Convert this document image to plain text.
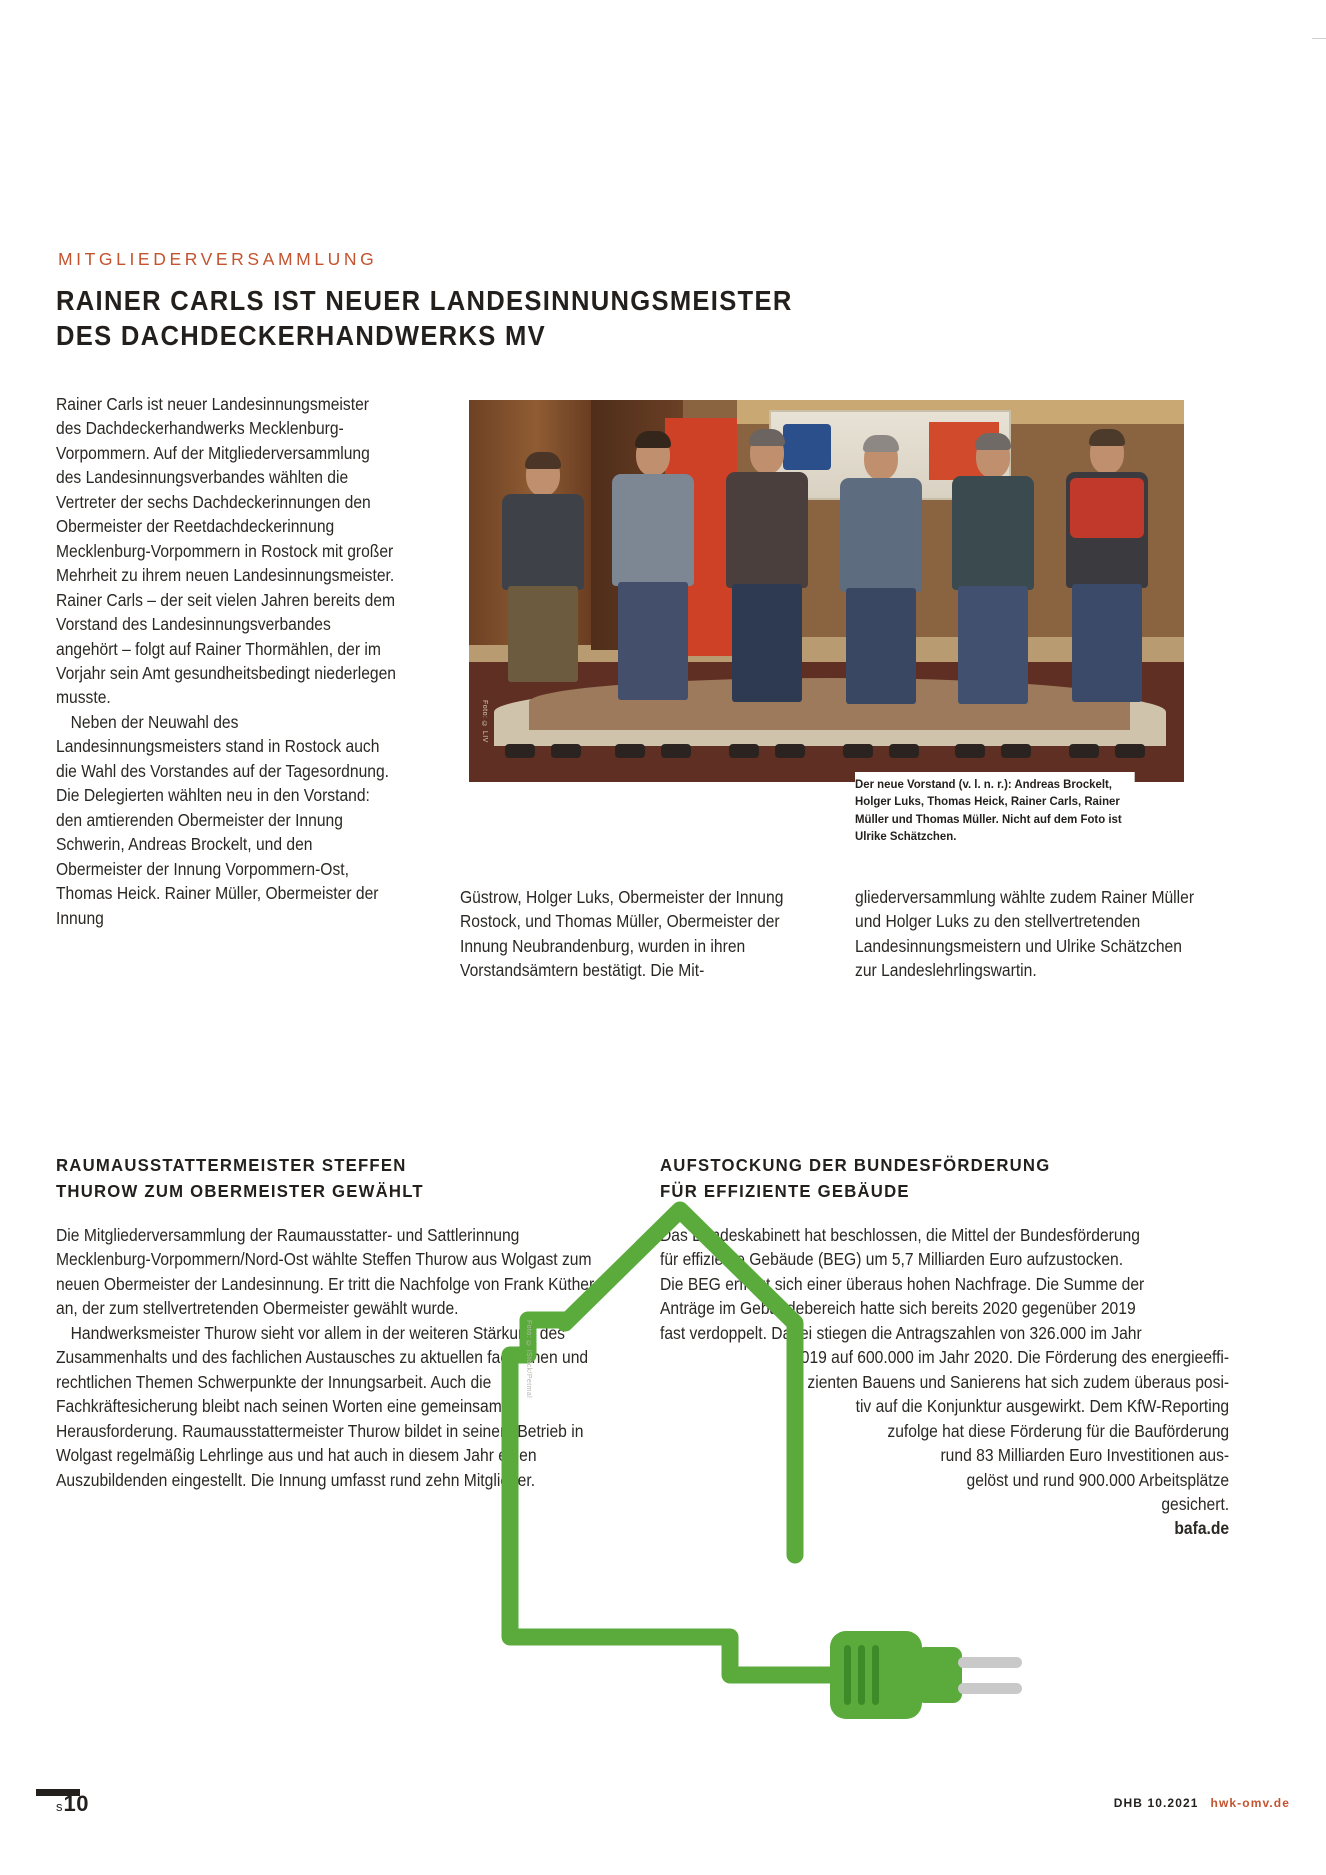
MITGLIEDERVERSAMMLUNG
RAINER CARLS IST NEUER LANDESINNUNGSMEISTER
DES DACHDECKERHANDWERKS MV

Rainer Carls ist neuer Landesinnungsmeister des Dachdeckerhandwerks Mecklenburg-Vorpommern. Auf der Mitgliederversammlung des Landesinnungsverbandes wählten die Vertreter der sechs Dachdeckerinnungen den Obermeister der Reetdachdeckerinnung Mecklenburg-Vorpommern in Rostock mit großer Mehrheit zu ihrem neuen Landesinnungsmeister. Rainer Carls – der seit vielen Jahren bereits dem Vorstand des Landesinnungsverbandes angehört – folgt auf Rainer Thormählen, der im Vorjahr sein Amt gesundheitsbedingt niederlegen musste.

Neben der Neuwahl des Landesinnungsmeisters stand in Rostock auch die Wahl des Vorstandes auf der Tagesordnung. Die Delegierten wählten neu in den Vorstand: den amtierenden Obermeister der Innung Schwerin, Andreas Brockelt, und den Obermeister der Innung Vorpommern-Ost, Thomas Heick. Rainer Müller, Obermeister der Innung

Foto: © LIV
Der neue Vorstand (v. l. n. r.): Andreas Brockelt, Holger Luks, Thomas Heick, Rainer Carls, Rainer Müller und Thomas Müller. Nicht auf dem Foto ist Ulrike Schätzchen.

Güstrow, Holger Luks, Obermeister der Innung Rostock, und Thomas Müller, Obermeister der Innung Neubrandenburg, wurden in ihren Vorstandsämtern bestätigt. Die Mit-

gliederversammlung wählte zudem Rainer Müller und Holger Luks zu den stellvertretenden Landesinnungsmeistern und Ulrike Schätzchen zur Landeslehrlingswartin.

RAUMAUSSTATTERMEISTER STEFFEN
THUROW ZUM OBERMEISTER GEWÄHLT

Die Mitgliederversammlung der Raumausstatter- und Sattlerinnung Mecklenburg-Vorpommern/Nord-Ost wählte Steffen Thurow aus Wolgast zum neuen Obermeister der Landesinnung. Er tritt die Nachfolge von Frank Küther an, der zum stellvertretenden Obermeister gewählt wurde.

Handwerksmeister Thurow sieht vor allem in der weiteren Stärkung des Zusammenhalts und des fachlichen Austausches zu aktuellen fachlichen und rechtlichen Themen Schwerpunkte der Innungsarbeit. Auch die Fachkräftesicherung bleibt nach seinen Worten eine gemeinsame Herausforderung. Raumausstattermeister Thurow bildet in seinem Betrieb in Wolgast regelmäßig Lehrlinge aus und hat auch in diesem Jahr einen Auszubildenden eingestellt. Die Innung umfasst rund zehn Mitglieder.

AUFSTOCKUNG DER BUNDESFÖRDERUNG
FÜR EFFIZIENTE GEBÄUDE
Das Bundeskabinett hat beschlossen, die Mittel der Bundesförderung
für effiziente Gebäude (BEG) um 5,7 Milliarden Euro aufzustocken.
Die BEG erfreut sich einer überaus hohen Nachfrage. Die Summe der
Anträge im Gebäudebereich hatte sich bereits 2020 gegenüber 2019
fast verdoppelt. Dabei stiegen die Antragszahlen von 326.000 im Jahr
2019 auf 600.000 im Jahr 2020. Die Förderung des energieeffi-
zienten Bauens und Sanierens hat sich zudem überaus posi-
tiv auf die Konjunktur ausgewirkt. Dem KfW-Reporting
zufolge hat diese Förderung für die Bauförderung
rund 83 Milliarden Euro Investitionen aus-
gelöst und rund 900.000 Arbeitsplätze
gesichert.
bafa.de
Foto: © iStock/Petmal
s10	DHB 10.2021 hwk-omv.de
